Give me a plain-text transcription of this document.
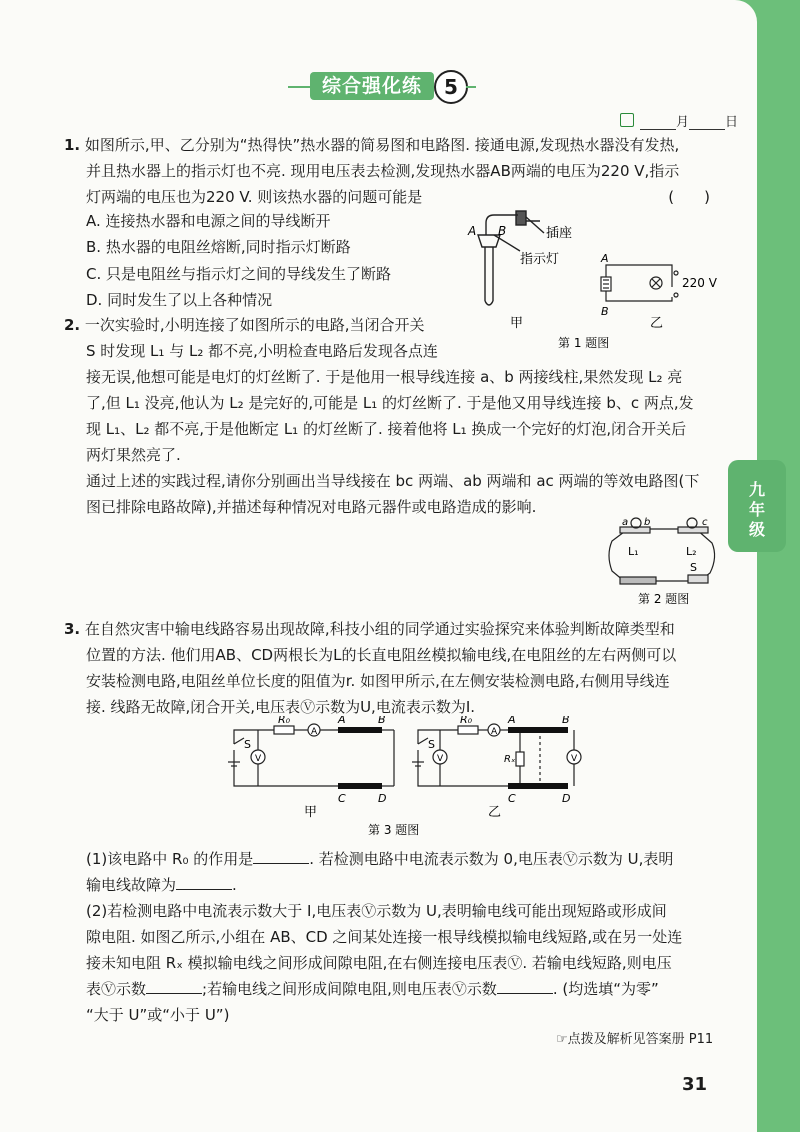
综合强化练	5
月	日
1. 如图所示,甲、乙分别为“热得快”热水器的简易图和电路图. 接通电源,发现热水器没有发热,
并且热水器上的指示灯也不亮. 现用电压表去检测,发现热水器AB两端的电压为220 V,指示
灯两端的电压也为220 V. 则该热水器的问题可能是	(　　)
A. 连接热水器和电源之间的导线断开
B. 热水器的电阻丝熔断,同时指示灯断路
C. 只是电阻丝与指示灯之间的导线发生了断路
D. 同时发生了以上各种情况
A B	插座
指示灯
甲
A
B
220 V
乙
第 1 题图
2. 一次实验时,小明连接了如图所示的电路,当闭合开关
S 时发现 L₁ 与 L₂ 都不亮,小明检查电路后发现各点连
接无误,他想可能是电灯的灯丝断了. 于是他用一根导线连接 a、b 两接线柱,果然发现 L₂ 亮
了,但 L₁ 没亮,他认为 L₂ 是完好的,可能是 L₁ 的灯丝断了. 于是他又用导线连接 b、c 两点,发
现 L₁、L₂ 都不亮,于是他断定 L₁ 的灯丝断了. 接着他将 L₁ 换成一个完好的灯泡,闭合开关后
两灯果然亮了.
通过上述的实践过程,请你分别画出当导线接在 bc 两端、ab 两端和 ac 两端的等效电路图(下
图已排除电路故障),并描述每种情况对电路元器件或电路造成的影响.
a b	c
L₁	L₂
S
第 2 题图
3. 在自然灾害中输电线路容易出现故障,科技小组的同学通过实验探究来体验判断故障类型和
位置的方法. 他们用AB、CD两根长为L的长直电阻丝模拟输电线,在电阻丝的左右两侧可以
安装检测电路,电阻丝单位长度的阻值为r. 如图甲所示,在左侧安装检测电路,右侧用导线连
接. 线路无故障,闭合开关,电压表Ⓥ示数为U,电流表示数为I.
A
V
S
R₀	A	B
C	D
甲
A
V	V
S
R₀
Rₓ
A	B
C	D
乙
第 3 题图
(1)该电路中 R₀ 的作用是	. 若检测电路中电流表示数为 0,电压表Ⓥ示数为 U,表明
输电线故障为	.
(2)若检测电路中电流表示数大于 I,电压表Ⓥ示数为 U,表明输电线可能出现短路或形成间
隙电阻. 如图乙所示,小组在 AB、CD 之间某处连接一根导线模拟输电线短路,或在另一处连
接未知电阻 Rₓ 模拟输电线之间形成间隙电阻,在右侧连接电压表Ⓥ. 若输电线短路,则电压
表Ⓥ示数	;若输电线之间形成间隙电阻,则电压表Ⓥ示数	. (均选填“为零”
“大于 U”或“小于 U”)
☞点拨及解析见答案册 P11
31
九
年
级
